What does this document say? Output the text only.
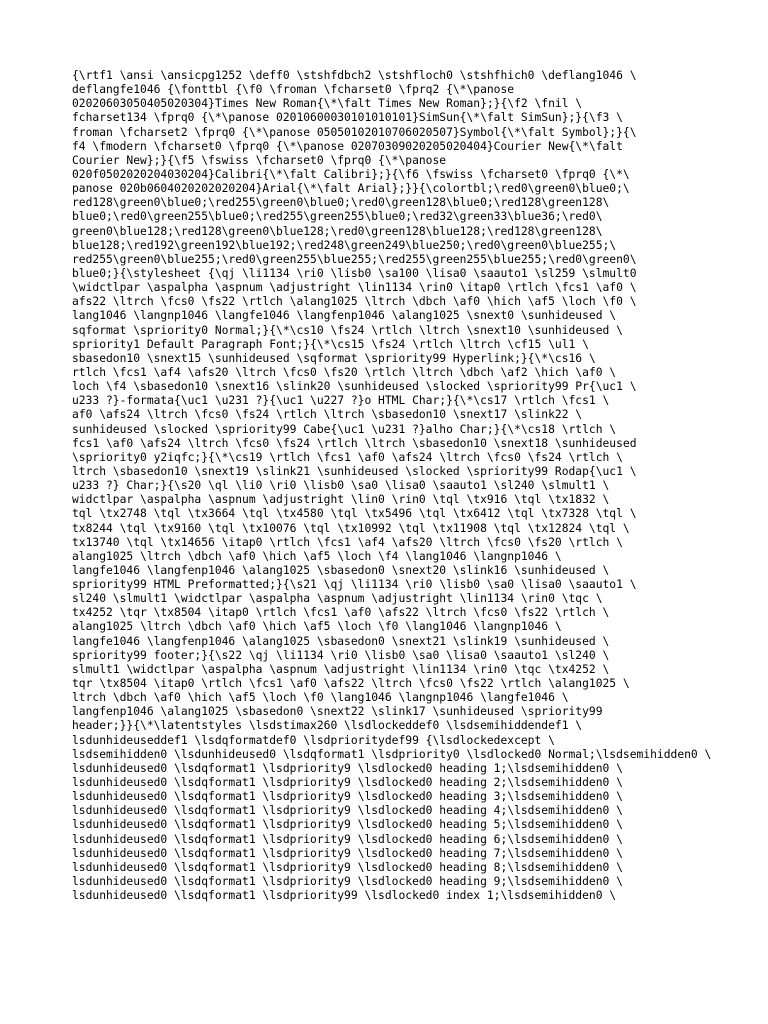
{\rtf1 \ansi \ansicpg1252 \deff0 \stshfdbch2 \stshfloch0 \stshfhich0 \deflang1046 \
deflangfe1046 {\fonttbl {\f0 \froman \fcharset0 \fprq2 {\*\panose
02020603050405020304}Times New Roman{\*\falt Times New Roman};}{\f2 \fnil \
fcharset134 \fprq0 {\*\panose 02010600030101010101}SimSun{\*\falt SimSun};}{\f3 \
froman \fcharset2 \fprq0 {\*\panose 05050102010706020507}Symbol{\*\falt Symbol};}{\
f4 \fmodern \fcharset0 \fprq0 {\*\panose 02070309020205020404}Courier New{\*\falt
Courier New};}{\f5 \fswiss \fcharset0 \fprq0 {\*\panose
020f0502020204030204}Calibri{\*\falt Calibri};}{\f6 \fswiss \fcharset0 \fprq0 {\*\
panose 020b0604020202020204}Arial{\*\falt Arial};}}{\colortbl;\red0\green0\blue0;\
red128\green0\blue0;\red255\green0\blue0;\red0\green128\blue0;\red128\green128\
blue0;\red0\green255\blue0;\red255\green255\blue0;\red32\green33\blue36;\red0\
green0\blue128;\red128\green0\blue128;\red0\green128\blue128;\red128\green128\
blue128;\red192\green192\blue192;\red248\green249\blue250;\red0\green0\blue255;\
red255\green0\blue255;\red0\green255\blue255;\red255\green255\blue255;\red0\green0\
blue0;}{\stylesheet {\qj \li1134 \ri0 \lisb0 \sa100 \lisa0 \saauto1 \sl259 \slmult0
\widctlpar \aspalpha \aspnum \adjustright \lin1134 \rin0 \itap0 \rtlch \fcs1 \af0 \
afs22 \ltrch \fcs0 \fs22 \rtlch \alang1025 \ltrch \dbch \af0 \hich \af5 \loch \f0 \
lang1046 \langnp1046 \langfe1046 \langfenp1046 \alang1025 \snext0 \sunhideused \
sqformat \spriority0 Normal;}{\*\cs10 \fs24 \rtlch \ltrch \snext10 \sunhideused \
spriority1 Default Paragraph Font;}{\*\cs15 \fs24 \rtlch \ltrch \cf15 \ul1 \
sbasedon10 \snext15 \sunhideused \sqformat \spriority99 Hyperlink;}{\*\cs16 \
rtlch \fcs1 \af4 \afs20 \ltrch \fcs0 \fs20 \rtlch \ltrch \dbch \af2 \hich \af0 \
loch \f4 \sbasedon10 \snext16 \slink20 \sunhideused \slocked \spriority99 Pr{\uc1 \
u233 ?}-formata{\uc1 \u231 ?}{\uc1 \u227 ?}o HTML Char;}{\*\cs17 \rtlch \fcs1 \
af0 \afs24 \ltrch \fcs0 \fs24 \rtlch \ltrch \sbasedon10 \snext17 \slink22 \
sunhideused \slocked \spriority99 Cabe{\uc1 \u231 ?}alho Char;}{\*\cs18 \rtlch \
fcs1 \af0 \afs24 \ltrch \fcs0 \fs24 \rtlch \ltrch \sbasedon10 \snext18 \sunhideused
\spriority0 y2iqfc;}{\*\cs19 \rtlch \fcs1 \af0 \afs24 \ltrch \fcs0 \fs24 \rtlch \
ltrch \sbasedon10 \snext19 \slink21 \sunhideused \slocked \spriority99 Rodap{\uc1 \
u233 ?} Char;}{\s20 \ql \li0 \ri0 \lisb0 \sa0 \lisa0 \saauto1 \sl240 \slmult1 \
widctlpar \aspalpha \aspnum \adjustright \lin0 \rin0 \tql \tx916 \tql \tx1832 \
tql \tx2748 \tql \tx3664 \tql \tx4580 \tql \tx5496 \tql \tx6412 \tql \tx7328 \tql \
tx8244 \tql \tx9160 \tql \tx10076 \tql \tx10992 \tql \tx11908 \tql \tx12824 \tql \
tx13740 \tql \tx14656 \itap0 \rtlch \fcs1 \af4 \afs20 \ltrch \fcs0 \fs20 \rtlch \
alang1025 \ltrch \dbch \af0 \hich \af5 \loch \f4 \lang1046 \langnp1046 \
langfe1046 \langfenp1046 \alang1025 \sbasedon0 \snext20 \slink16 \sunhideused \
spriority99 HTML Preformatted;}{\s21 \qj \li1134 \ri0 \lisb0 \sa0 \lisa0 \saauto1 \
sl240 \slmult1 \widctlpar \aspalpha \aspnum \adjustright \lin1134 \rin0 \tqc \
tx4252 \tqr \tx8504 \itap0 \rtlch \fcs1 \af0 \afs22 \ltrch \fcs0 \fs22 \rtlch \
alang1025 \ltrch \dbch \af0 \hich \af5 \loch \f0 \lang1046 \langnp1046 \
langfe1046 \langfenp1046 \alang1025 \sbasedon0 \snext21 \slink19 \sunhideused \
spriority99 footer;}{\s22 \qj \li1134 \ri0 \lisb0 \sa0 \lisa0 \saauto1 \sl240 \
slmult1 \widctlpar \aspalpha \aspnum \adjustright \lin1134 \rin0 \tqc \tx4252 \
tqr \tx8504 \itap0 \rtlch \fcs1 \af0 \afs22 \ltrch \fcs0 \fs22 \rtlch \alang1025 \
ltrch \dbch \af0 \hich \af5 \loch \f0 \lang1046 \langnp1046 \langfe1046 \
langfenp1046 \alang1025 \sbasedon0 \snext22 \slink17 \sunhideused \spriority99
header;}}{\*\latentstyles \lsdstimax260 \lsdlockeddef0 \lsdsemihiddendef1 \
lsdunhideuseddef1 \lsdqformatdef0 \lsdprioritydef99 {\lsdlockedexcept \
lsdsemihidden0 \lsdunhideused0 \lsdqformat1 \lsdpriority0 \lsdlocked0 Normal;\lsdsemihidden0 \
lsdunhideused0 \lsdqformat1 \lsdpriority9 \lsdlocked0 heading 1;\lsdsemihidden0 \
lsdunhideused0 \lsdqformat1 \lsdpriority9 \lsdlocked0 heading 2;\lsdsemihidden0 \
lsdunhideused0 \lsdqformat1 \lsdpriority9 \lsdlocked0 heading 3;\lsdsemihidden0 \
lsdunhideused0 \lsdqformat1 \lsdpriority9 \lsdlocked0 heading 4;\lsdsemihidden0 \
lsdunhideused0 \lsdqformat1 \lsdpriority9 \lsdlocked0 heading 5;\lsdsemihidden0 \
lsdunhideused0 \lsdqformat1 \lsdpriority9 \lsdlocked0 heading 6;\lsdsemihidden0 \
lsdunhideused0 \lsdqformat1 \lsdpriority9 \lsdlocked0 heading 7;\lsdsemihidden0 \
lsdunhideused0 \lsdqformat1 \lsdpriority9 \lsdlocked0 heading 8;\lsdsemihidden0 \
lsdunhideused0 \lsdqformat1 \lsdpriority9 \lsdlocked0 heading 9;\lsdsemihidden0 \
lsdunhideused0 \lsdqformat1 \lsdpriority99 \lsdlocked0 index 1;\lsdsemihidden0 \
